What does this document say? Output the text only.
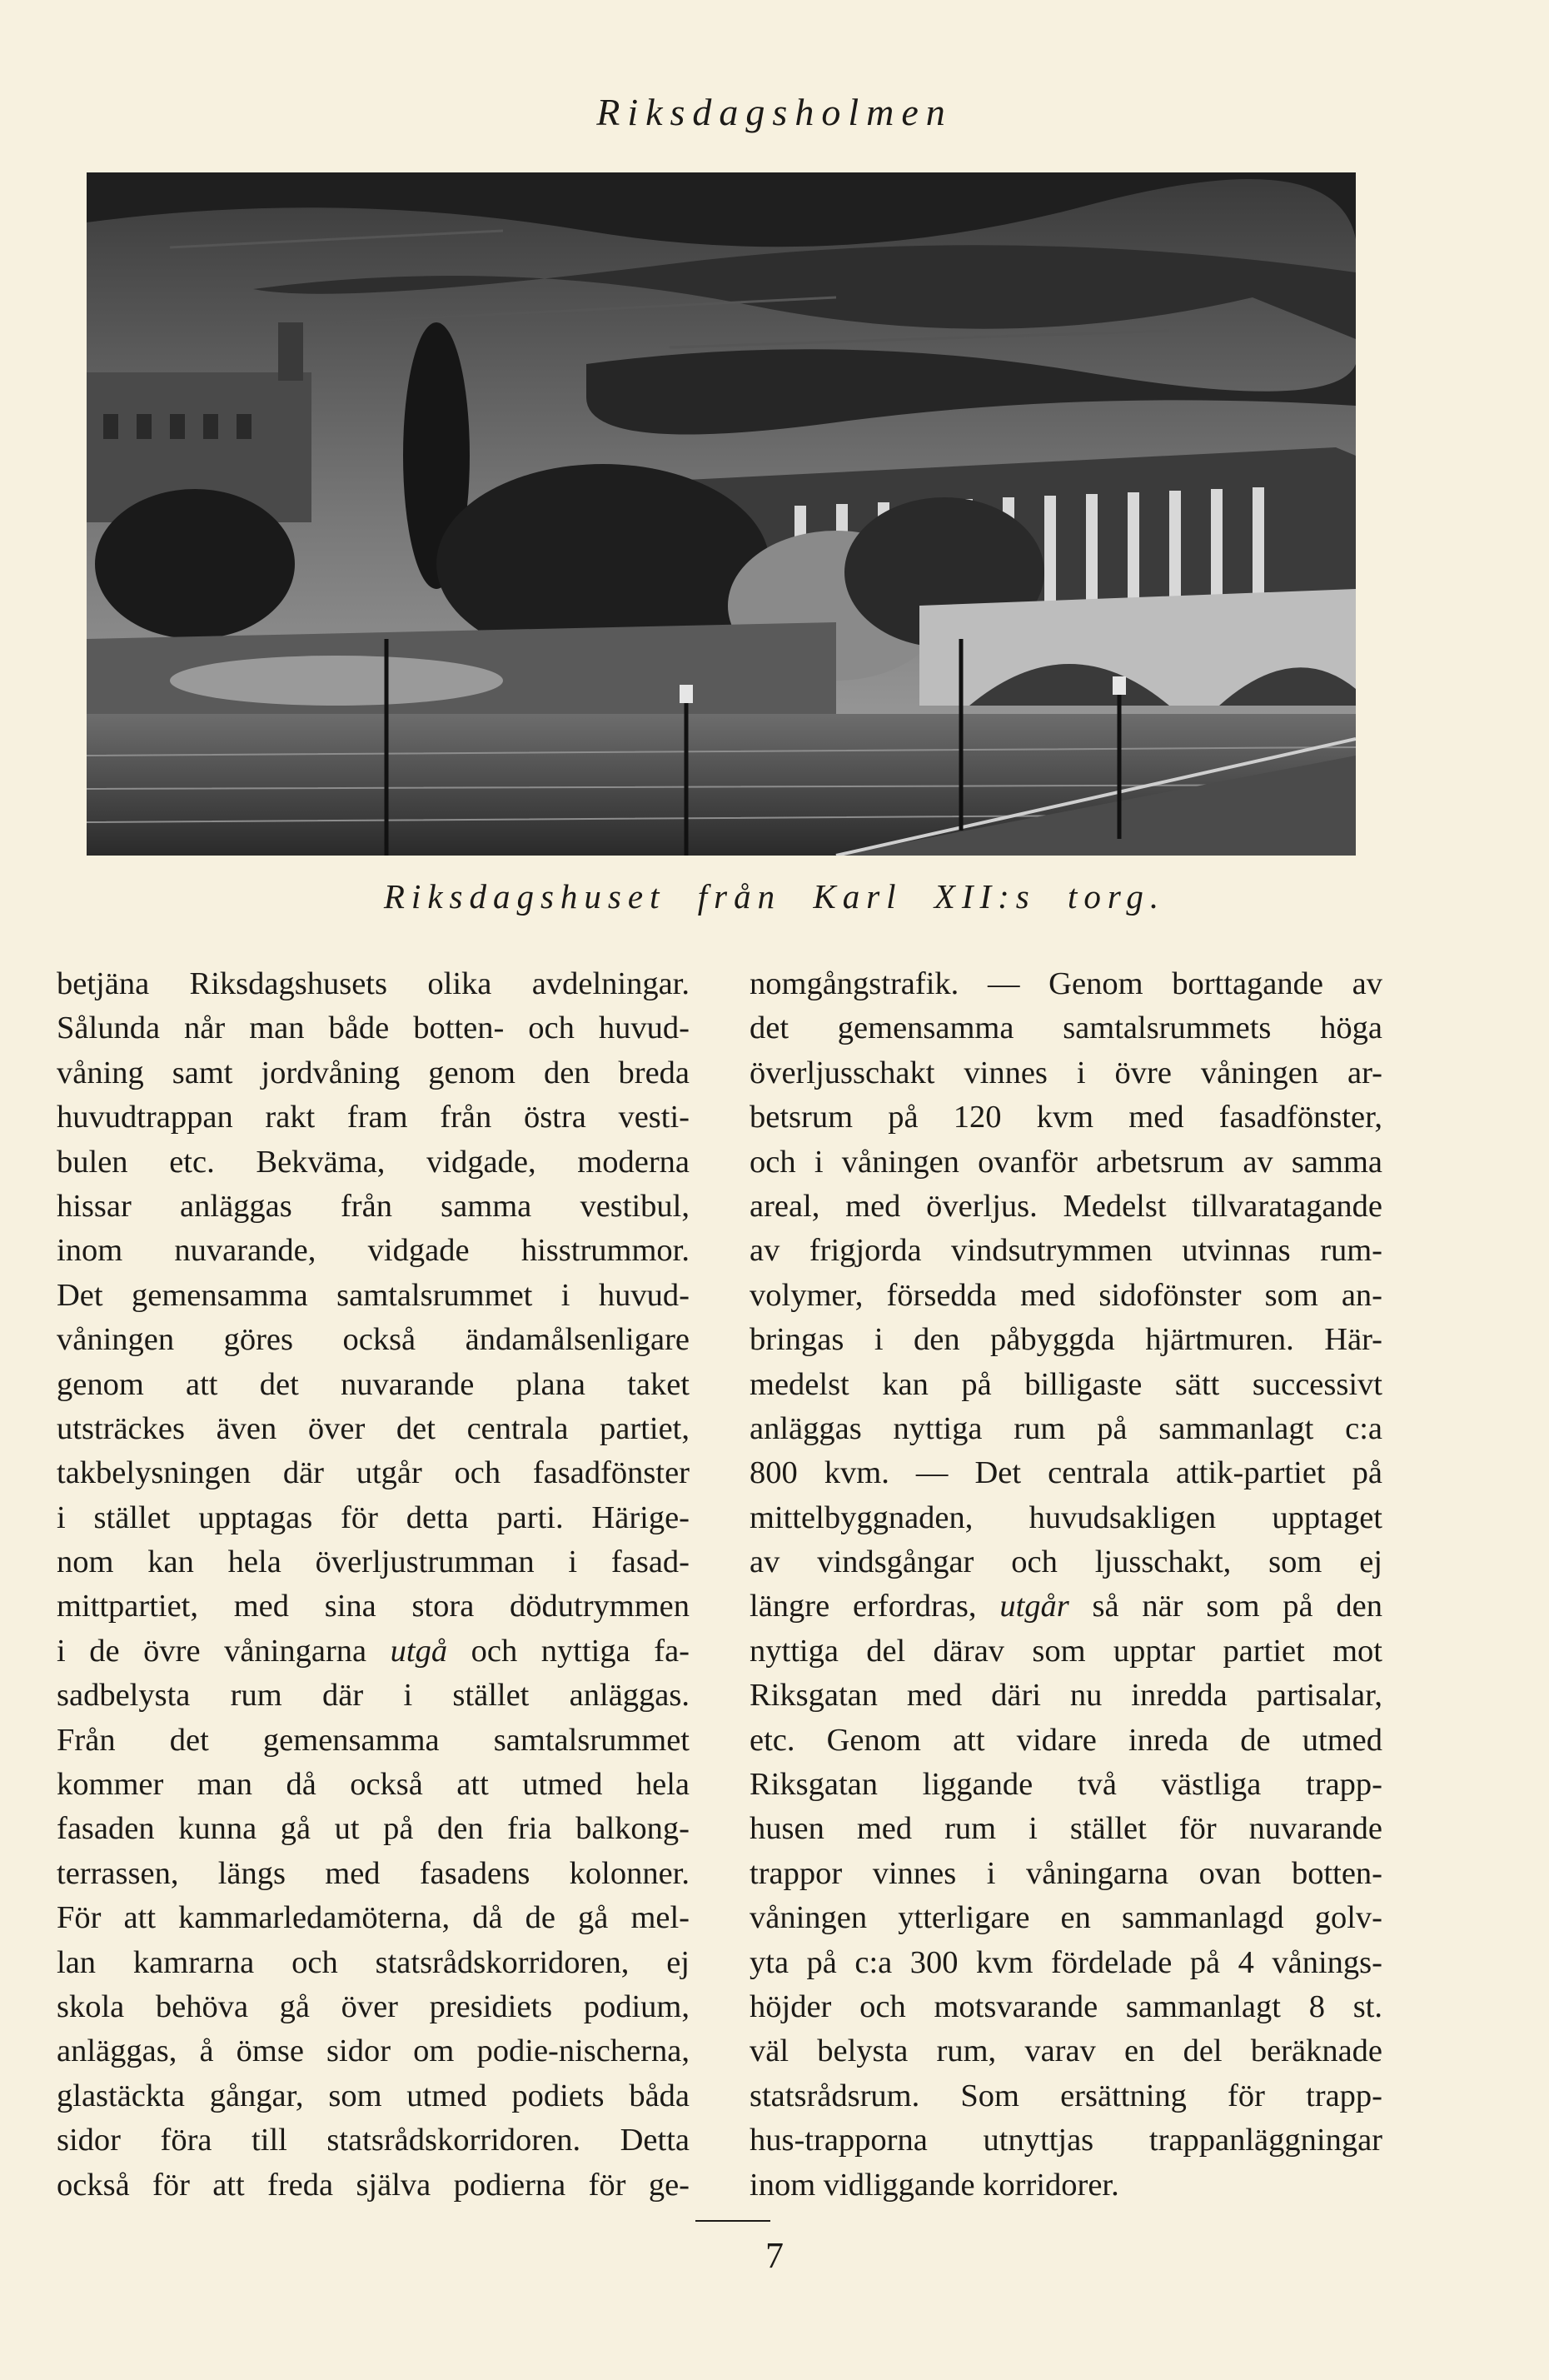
Riksdagsholmen
Riksdagshuset från Karl XII:s torg.
betjäna Riksdagshusets olika avdelningar.
Sålunda når man både botten- och huvud-
våning samt jordvåning genom den breda
huvudtrappan rakt fram från östra vesti-
bulen etc. Bekväma, vidgade, moderna
hissar anläggas från samma vestibul,
inom nuvarande, vidgade hisstrummor.
Det gemensamma samtalsrummet i huvud-
våningen göres också ändamålsenligare
genom att det nuvarande plana taket
utsträckes även över det centrala partiet,
takbelysningen där utgår och fasadfönster
i stället upptagas för detta parti. Härige-
nom kan hela överljustrumman i fasad-
mittpartiet, med sina stora dödutrymmen
i de övre våningarna utgå och nyttiga fa-
sadbelysta rum där i stället anläggas.
Från det gemensamma samtalsrummet
kommer man då också att utmed hela
fasaden kunna gå ut på den fria balkong-
terrassen, längs med fasadens kolonner.
För att kammarledamöterna, då de gå mel-
lan kamrarna och statsrådskorridoren, ej
skola behöva gå över presidiets podium,
anläggas, å ömse sidor om podie-nischerna,
glastäckta gångar, som utmed podiets båda
sidor föra till statsrådskorridoren. Detta
också för att freda själva podierna för ge-
nomgångstrafik. — Genom borttagande av
det gemensamma samtalsrummets höga
överljusschakt vinnes i övre våningen ar-
betsrum på 120 kvm med fasadfönster,
och i våningen ovanför arbetsrum av samma
areal, med överljus. Medelst tillvaratagande
av frigjorda vindsutrymmen utvinnas rum-
volymer, försedda med sidofönster som an-
bringas i den påbyggda hjärtmuren. Här-
medelst kan på billigaste sätt successivt
anläggas nyttiga rum på sammanlagt c:a
800 kvm. — Det centrala attik-partiet på
mittelbyggnaden, huvudsakligen upptaget
av vindsgångar och ljusschakt, som ej
längre erfordras, utgår så när som på den
nyttiga del därav som upptar partiet mot
Riksgatan med däri nu inredda partisalar,
etc. Genom att vidare inreda de utmed
Riksgatan liggande två västliga trapp-
husen med rum i stället för nuvarande
trappor vinnes i våningarna ovan botten-
våningen ytterligare en sammanlagd golv-
yta på c:a 300 kvm fördelade på 4 vånings-
höjder och motsvarande sammanlagt 8 st.
väl belysta rum, varav en del beräknade
statsrådsrum. Som ersättning för trapp-
hus-trapporna utnyttjas trappanläggningar
inom vidliggande korridorer.
7
